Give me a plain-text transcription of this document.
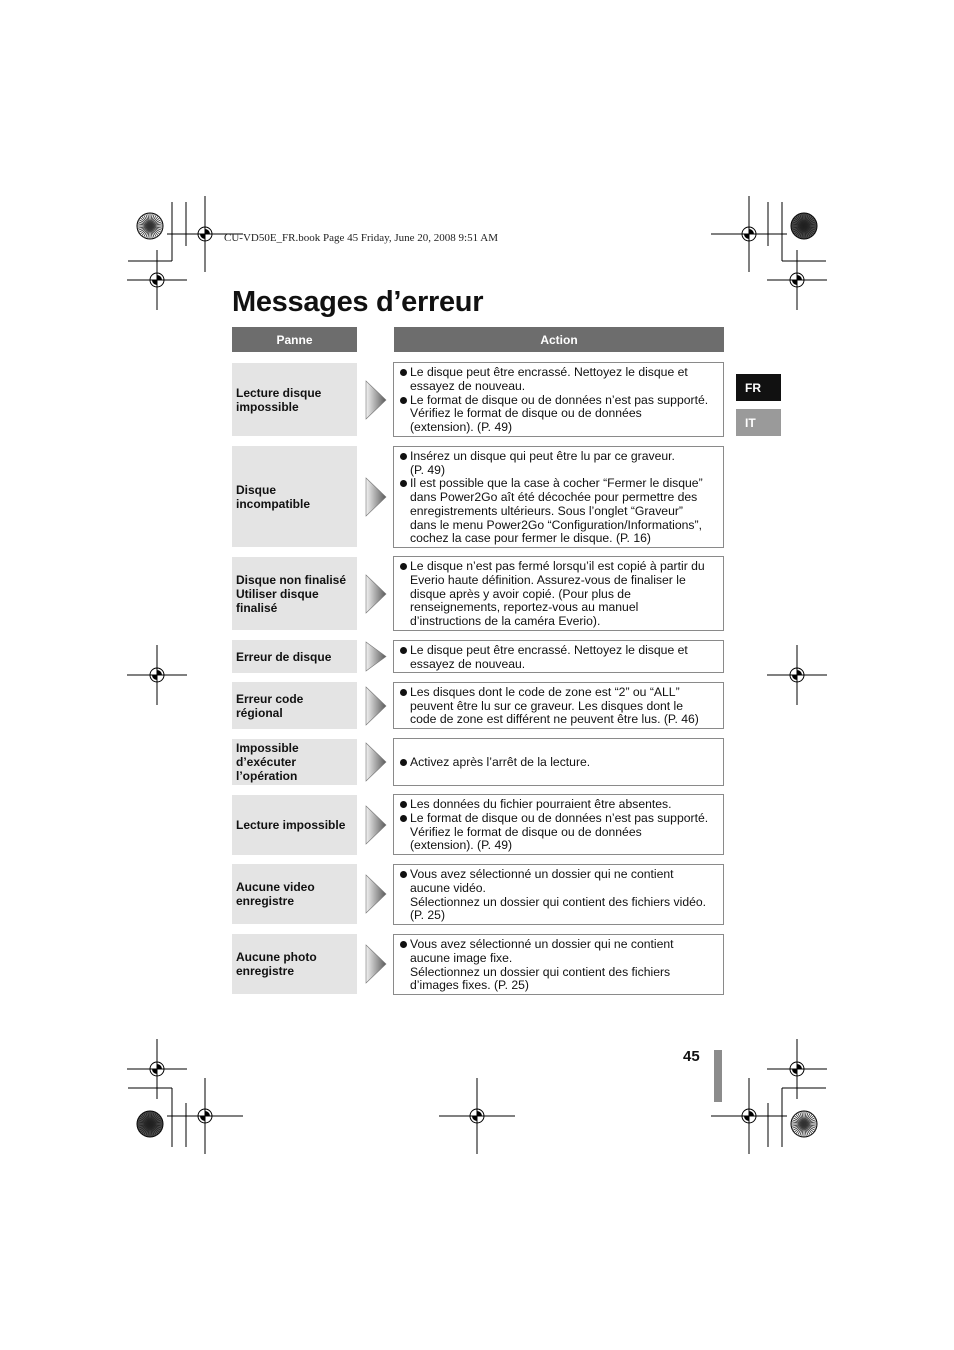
CU-VD50E_FR.book Page 45 Friday, June 20, 2008 9:51 AM
Messages d’erreur
Panne	Action
Lecture disque
impossible
Le disque peut être encrassé. Nettoyez le disque et
essayez de nouveau.
Le format de disque ou de données n’est pas supporté.
Vérifiez le format de disque ou de données
(extension). (P. 49)
Disque
incompatible
Insérez un disque qui peut être lu par ce graveur.
(P. 49)
Il est possible que la case à cocher “Fermer le disque”
dans Power2Go aît été décochée pour permettre des
enregistrements ultérieurs. Sous l’onglet “Graveur”
dans le menu Power2Go “Configuration/Informations”,
cochez la case pour fermer le disque. (P. 16)
Disque non finalisé
Utiliser disque
finalisé
Le disque n’est pas fermé lorsqu’il est copié à partir du
Everio haute définition. Assurez-vous de finaliser le
disque après y avoir copié. (Pour plus de
renseignements, reportez-vous au manuel
d’instructions de la caméra Everio).
Erreur de disque	Le disque peut être encrassé. Nettoyez le disque et
essayez de nouveau.
Erreur code
régional
Les disques dont le code de zone est “2” ou “ALL”
peuvent être lu sur ce graveur. Les disques dont le
code de zone est différent ne peuvent être lus. (P. 46)
Impossible
d’exécuter
l’opération
Activez après l’arrêt de la lecture.
Lecture impossible
Les données du fichier pourraient être absentes.
Le format de disque ou de données n’est pas supporté.
Vérifiez le format de disque ou de données
(extension). (P. 49)
Aucune video
enregistre
Vous avez sélectionné un dossier qui ne contient
aucune vidéo.
Sélectionnez un dossier qui contient des fichiers vidéo.
(P. 25)
Aucune photo
enregistre
Vous avez sélectionné un dossier qui ne contient
aucune image fixe.
Sélectionnez un dossier qui contient des fichiers
d’images fixes. (P. 25)
FR
IT
45
